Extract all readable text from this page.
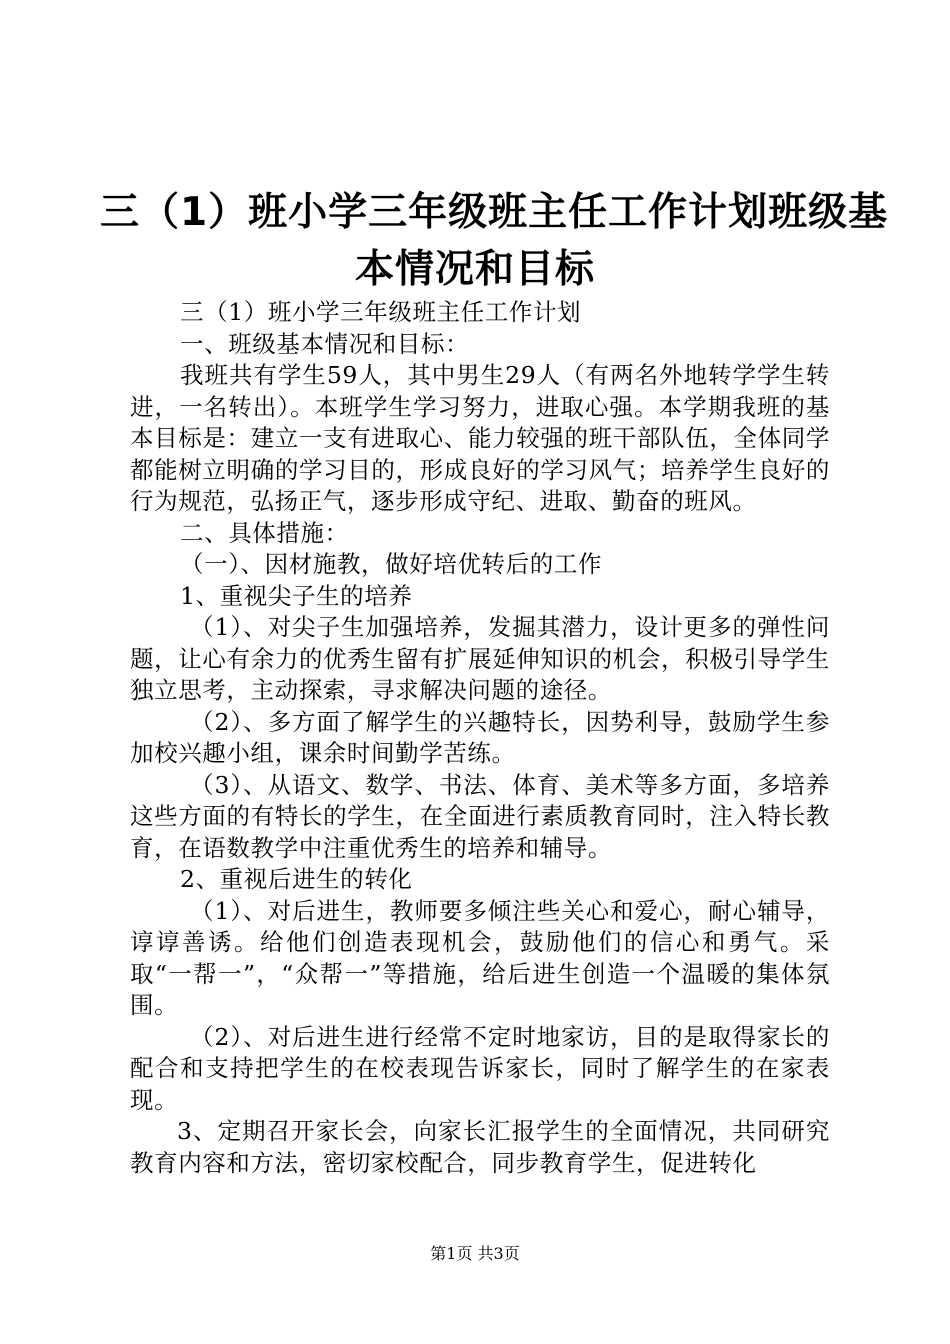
三（1）班小学三年级班主任工作计划班级基
本情况和目标

三（1）班小学三年级班主任工作计划

一、班级基本情况和目标：

我班共有学生59人，其中男生29人（有两名外地转学学生转进，一名转出）。本班学生学习努力，进取心强。本学期我班的基本目标是：建立一支有进取心、能力较强的班干部队伍，全体同学都能树立明确的学习目的，形成良好的学习风气；培养学生良好的行为规范，弘扬正气，逐步形成守纪、进取、勤奋的班风。

二、具体措施：

（一）、因材施教，做好培优转后的工作

1、重视尖子生的培养

（1）、对尖子生加强培养，发掘其潜力，设计更多的弹性问题，让心有余力的优秀生留有扩展延伸知识的机会，积极引导学生独立思考，主动探索，寻求解决问题的途径。

（2）、多方面了解学生的兴趣特长，因势利导，鼓励学生参加校兴趣小组，课余时间勤学苦练。

（3）、从语文、数学、书法、体育、美术等多方面，多培养这些方面的有特长的学生，在全面进行素质教育同时，注入特长教育，在语数教学中注重优秀生的培养和辅导。

2、重视后进生的转化

（1）、对后进生，教师要多倾注些关心和爱心，耐心辅导，谆谆善诱。给他们创造表现机会，鼓励他们的信心和勇气。采取“一帮一”，“众帮一”等措施，给后进生创造一个温暖的集体氛围。

（2）、对后进生进行经常不定时地家访，目的是取得家长的配合和支持把学生的在校表现告诉家长，同时了解学生的在家表现。

3、定期召开家长会，向家长汇报学生的全面情况，共同研究教育内容和方法，密切家校配合，同步教育学生，促进转化

第1页 共3页
